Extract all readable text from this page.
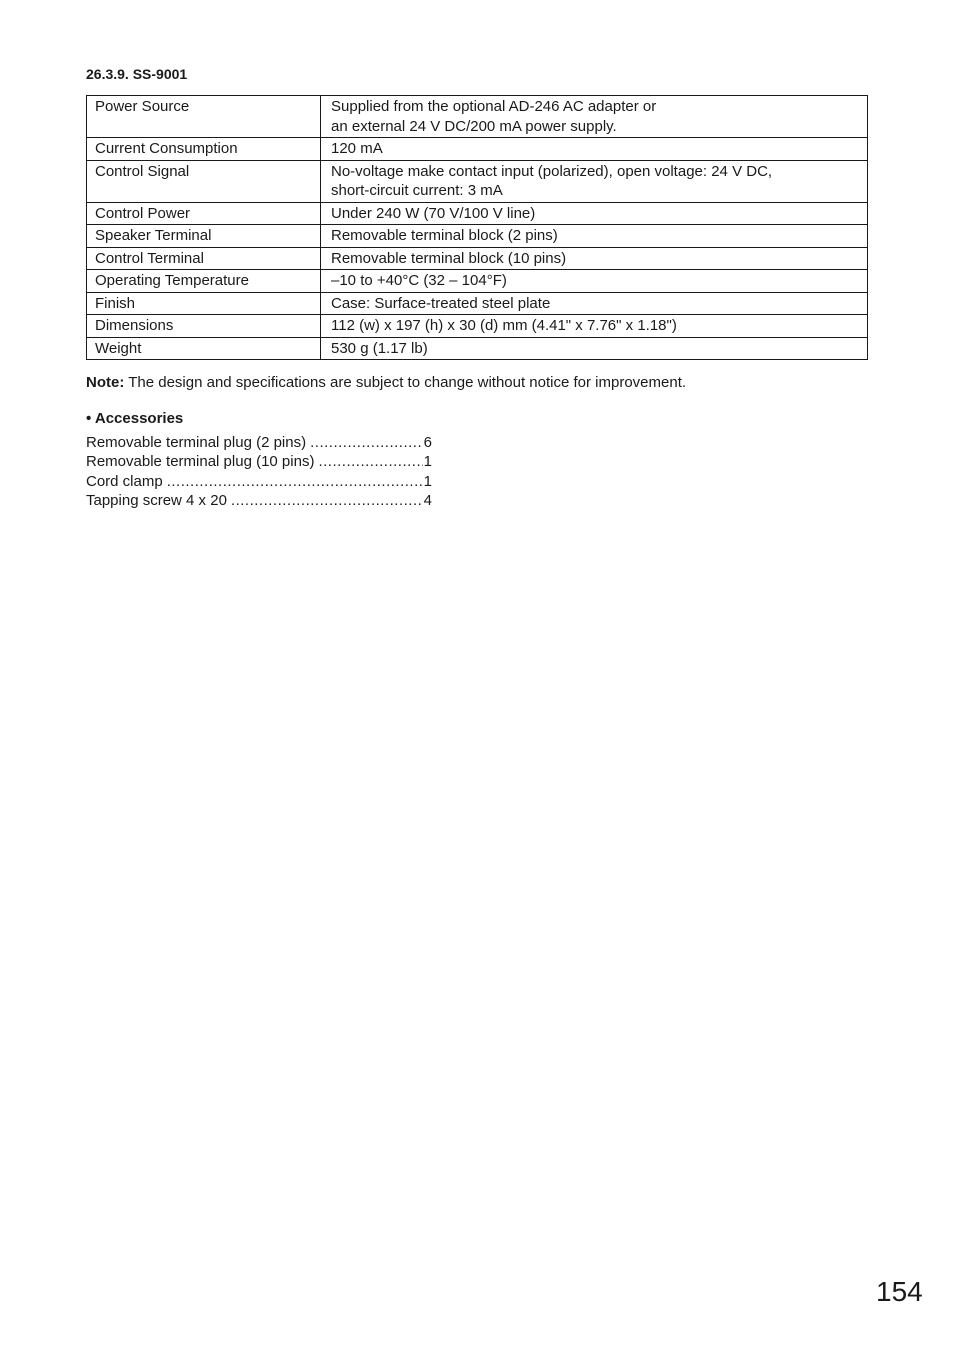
26.3.9. SS-9001
Power Source	Supplied from the optional AD-246 AC adapter or
an external 24 V DC/200 mA power supply.

Current Consumption	120 mA

Control Signal	No-voltage make contact input (polarized), open voltage: 24 V DC,
short-circuit current: 3 mA

Control Power	Under 240 W (70 V/100 V line)

Speaker Terminal	Removable terminal block (2 pins)

Control Terminal	Removable terminal block (10 pins)

Operating Temperature	–10 to +40°C (32 – 104°F)

Finish	Case: Surface-treated steel plate

Dimensions	112 (w) x 197 (h) x 30 (d) mm (4.41" x 7.76" x 1.18")

Weight	530 g (1.17 lb)
Note: The design and specifications are subject to change without notice for improvement.
• Accessories
Removable terminal plug (2 pins) .....	6
Removable terminal plug (10 pins) .....	1
Cord clamp .....	1
Tapping screw 4 x 20 .....	4
154
